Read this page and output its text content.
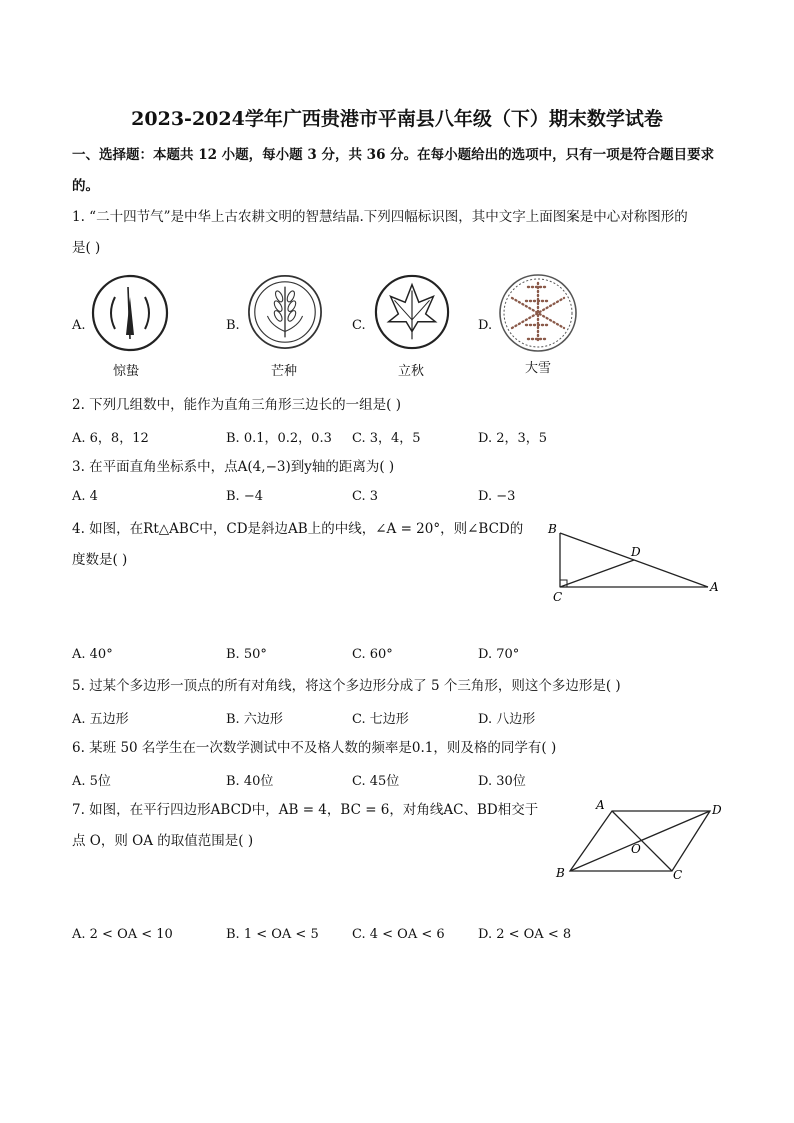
2023-2024学年广西贵港市平南县八年级（下）期末数学试卷
一、选择题：本题共 12 小题，每小题 3 分，共 36 分。在每小题给出的选项中，只有一项是符合题目要求
的。
1. “二十四节气”是中华上古农耕文明的智慧结晶.下列四幅标识图，其中文字上面图案是中心对称图形的
是( )
A.
惊蛰
B.
芒种
C.
立秋
D.
大雪
2. 下列几组数中，能作为直角三角形三边长的一组是( )
A. 6，8，12	B. 0.1，0.2，0.3 C. 3，4，5	D. 2，3，5
3. 在平面直角坐标系中，点A(4,−3)到y轴的距离为( )
A. 4	B. −4	C. 3	D. −3
4. 如图，在Rt△ABC中，CD是斜边AB上的中线，∠A = 20°，则∠BCD的
度数是( )
B
D
C
A
A. 40°	B. 50°	C. 60°	D. 70°
5. 过某个多边形一顶点的所有对角线，将这个多边形分成了 5 个三角形，则这个多边形是( )
A. 五边形	B. 六边形	C. 七边形	D. 八边形
6. 某班 50 名学生在一次数学测试中不及格人数的频率是0.1，则及格的同学有( )
A. 5位	B. 40位	C. 45位	D. 30位
7. 如图，在平行四边形ABCD中，AB = 4，BC = 6，对角线AC、BD相交于
点 O，则 OA 的取值范围是( )
A	D
O
B	C
A. 2 < OA < 10	B. 1 < OA < 5	C. 4 < OA < 6	D. 2 < OA < 8
